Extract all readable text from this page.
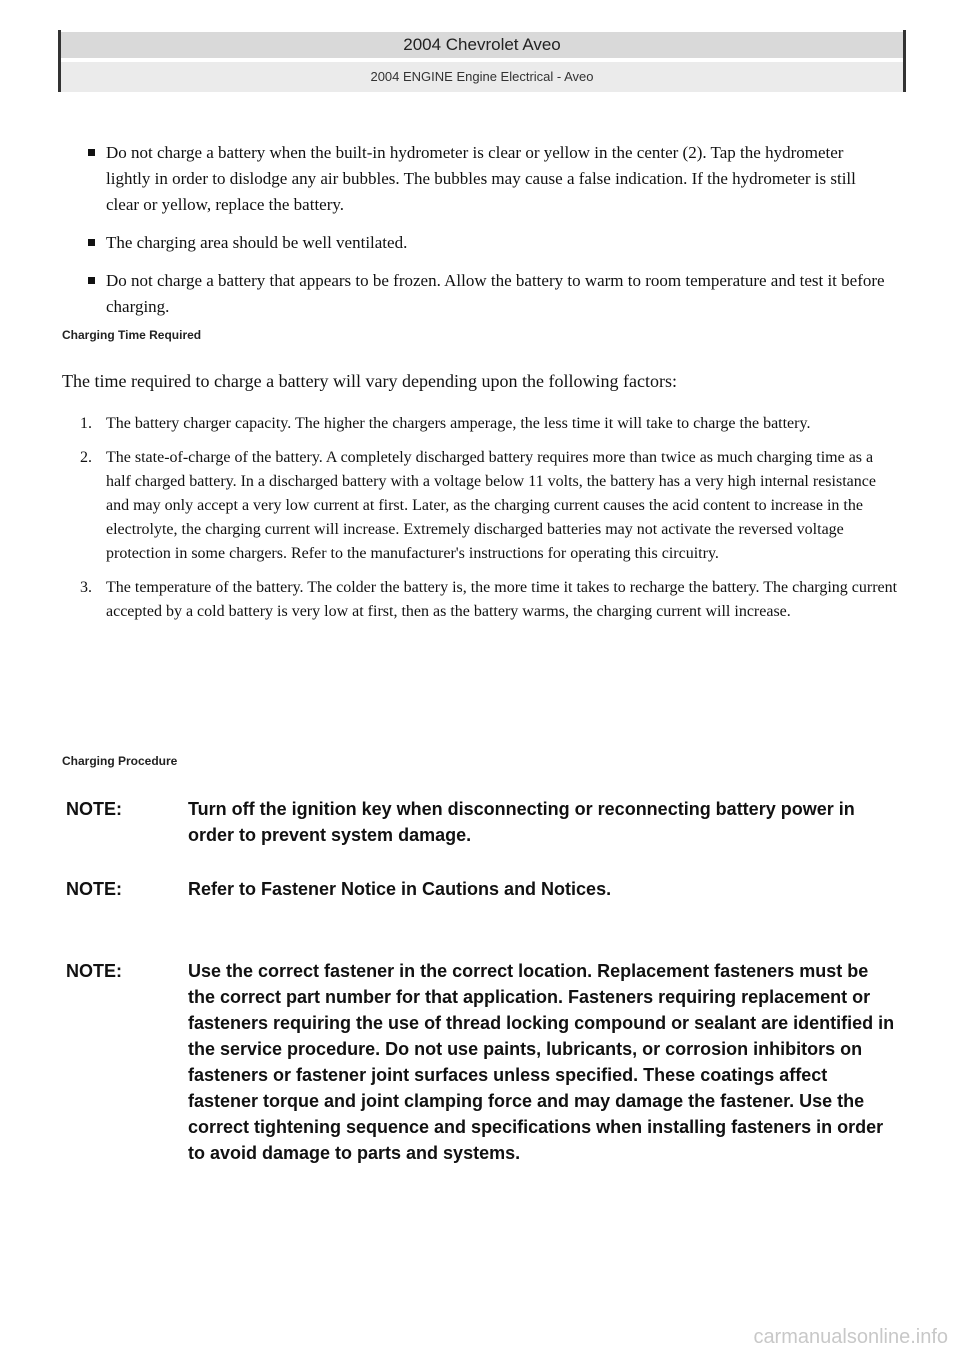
2004 Chevrolet Aveo
2004 ENGINE Engine Electrical - Aveo
Do not charge a battery when the built-in hydrometer is clear or yellow in the center (2). Tap the hydrometer lightly in order to dislodge any air bubbles. The bubbles may cause a false indication. If the hydrometer is still clear or yellow, replace the battery.
The charging area should be well ventilated.
Do not charge a battery that appears to be frozen. Allow the battery to warm to room temperature and test it before charging.
Charging Time Required
The time required to charge a battery will vary depending upon the following factors:
1. The battery charger capacity. The higher the chargers amperage, the less time it will take to charge the battery.
2. The state-of-charge of the battery. A completely discharged battery requires more than twice as much charging time as a half charged battery. In a discharged battery with a voltage below 11 volts, the battery has a very high internal resistance and may only accept a very low current at first. Later, as the charging current causes the acid content to increase in the electrolyte, the charging current will increase. Extremely discharged batteries may not activate the reversed voltage protection in some chargers. Refer to the manufacturer's instructions for operating this circuitry.
3. The temperature of the battery. The colder the battery is, the more time it takes to recharge the battery. The charging current accepted by a cold battery is very low at first, then as the battery warms, the charging current will increase.
Charging Procedure
NOTE:	Turn off the ignition key when disconnecting or reconnecting battery power in order to prevent system damage.
NOTE:	Refer to Fastener Notice in Cautions and Notices.
NOTE:	Use the correct fastener in the correct location. Replacement fasteners must be the correct part number for that application. Fasteners requiring replacement or fasteners requiring the use of thread locking compound or sealant are identified in the service procedure. Do not use paints, lubricants, or corrosion inhibitors on fasteners or fastener joint surfaces unless specified. These coatings affect fastener torque and joint clamping force and may damage the fastener. Use the correct tightening sequence and specifications when installing fasteners in order to avoid damage to parts and systems.
carmanualsonline.info
